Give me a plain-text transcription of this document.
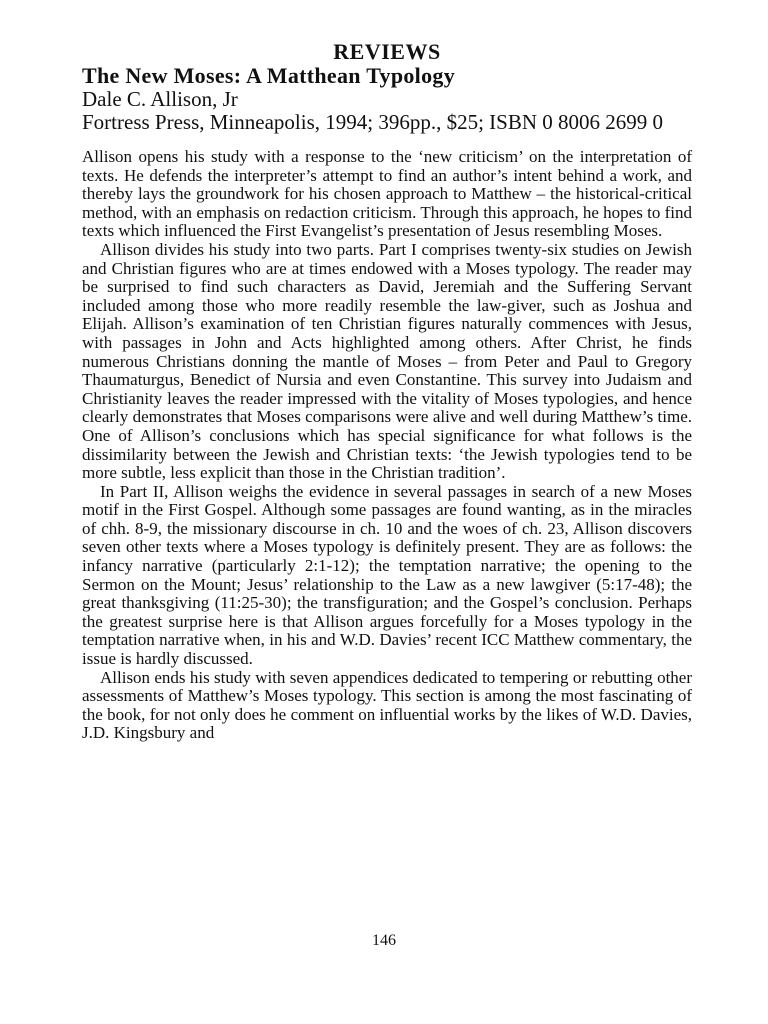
REVIEWS
The New Moses: A Matthean Typology

Dale C. Allison, Jr

Fortress Press, Minneapolis, 1994; 396pp., $25; ISBN 0 8006 2699 0

Allison opens his study with a response to the ‘new criticism’ on the interpretation of texts. He defends the interpreter’s attempt to find an author’s intent behind a work, and thereby lays the groundwork for his chosen approach to Matthew – the historical-critical method, with an emphasis on redaction criticism. Through this approach, he hopes to find texts which influenced the First Evangelist’s presentation of Jesus resembling Moses.

Allison divides his study into two parts. Part I comprises twenty-six studies on Jewish and Christian figures who are at times endowed with a Moses typology. The reader may be surprised to find such characters as David, Jeremiah and the Suffering Servant included among those who more readily resemble the law-giver, such as Joshua and Elijah. Allison’s examination of ten Christian figures naturally commences with Jesus, with passages in John and Acts highlighted among others. After Christ, he finds numerous Christians donning the mantle of Moses – from Peter and Paul to Gregory Thaumaturgus, Benedict of Nursia and even Constantine. This survey into Judaism and Christianity leaves the reader impressed with the vitality of Moses typologies, and hence clearly demonstrates that Moses comparisons were alive and well during Matthew’s time. One of Allison’s conclusions which has special significance for what follows is the dissimilarity between the Jewish and Christian texts: ‘the Jewish typologies tend to be more subtle, less explicit than those in the Christian tradition’.

In Part II, Allison weighs the evidence in several passages in search of a new Moses motif in the First Gospel. Although some passages are found wanting, as in the miracles of chh. 8-9, the missionary discourse in ch. 10 and the woes of ch. 23, Allison discovers seven other texts where a Moses typology is definitely present. They are as follows: the infancy narrative (particularly 2:1-12); the temptation narrative; the opening to the Sermon on the Mount; Jesus’ relationship to the Law as a new lawgiver (5:17-48); the great thanksgiving (11:25-30); the transfiguration; and the Gospel’s conclusion. Perhaps the greatest surprise here is that Allison argues forcefully for a Moses typology in the temptation narrative when, in his and W.D. Davies’ recent ICC Matthew commentary, the issue is hardly discussed.

Allison ends his study with seven appendices dedicated to tempering or rebutting other assessments of Matthew’s Moses typology. This section is among the most fascinating of the book, for not only does he comment on influential works by the likes of W.D. Davies, J.D. Kingsbury and

146
